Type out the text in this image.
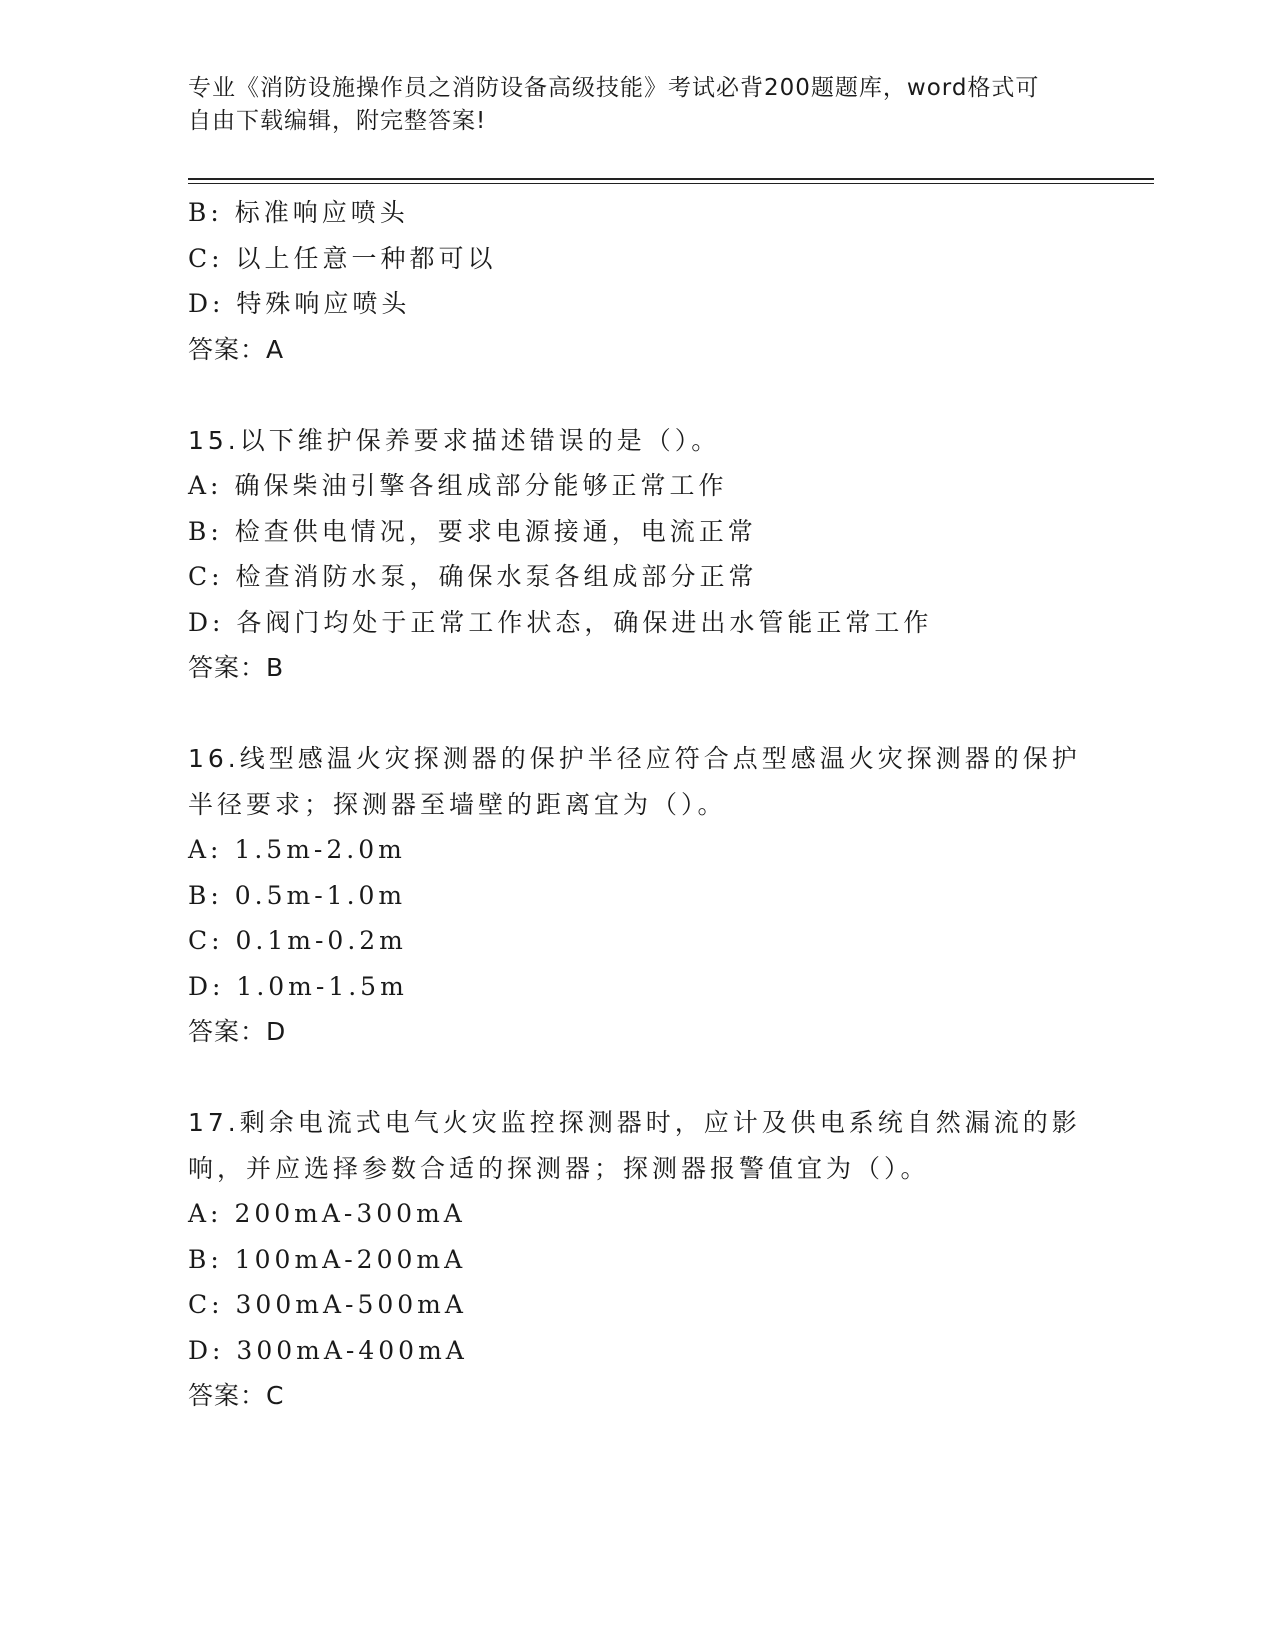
专业《消防设施操作员之消防设备高级技能》考试必背200题题库，word格式可
自由下载编辑，附完整答案!
B: 标准响应喷头
C: 以上任意一种都可以
D: 特殊响应喷头
答案：A
15.以下维护保养要求描述错误的是（）。
A: 确保柴油引擎各组成部分能够正常工作
B: 检查供电情况，要求电源接通，电流正常
C: 检查消防水泵，确保水泵各组成部分正常
D: 各阀门均处于正常工作状态，确保进出水管能正常工作
答案：B
16.线型感温火灾探测器的保护半径应符合点型感温火灾探测器的保护
半径要求；探测器至墙壁的距离宜为（）。
A: 1.5m-2.0m
B: 0.5m-1.0m
C: 0.1m-0.2m
D: 1.0m-1.5m
答案：D
17.剩余电流式电气火灾监控探测器时，应计及供电系统自然漏流的影
响，并应选择参数合适的探测器；探测器报警值宜为（）。
A: 200mA-300mA
B: 100mA-200mA
C: 300mA-500mA
D: 300mA-400mA
答案：C
